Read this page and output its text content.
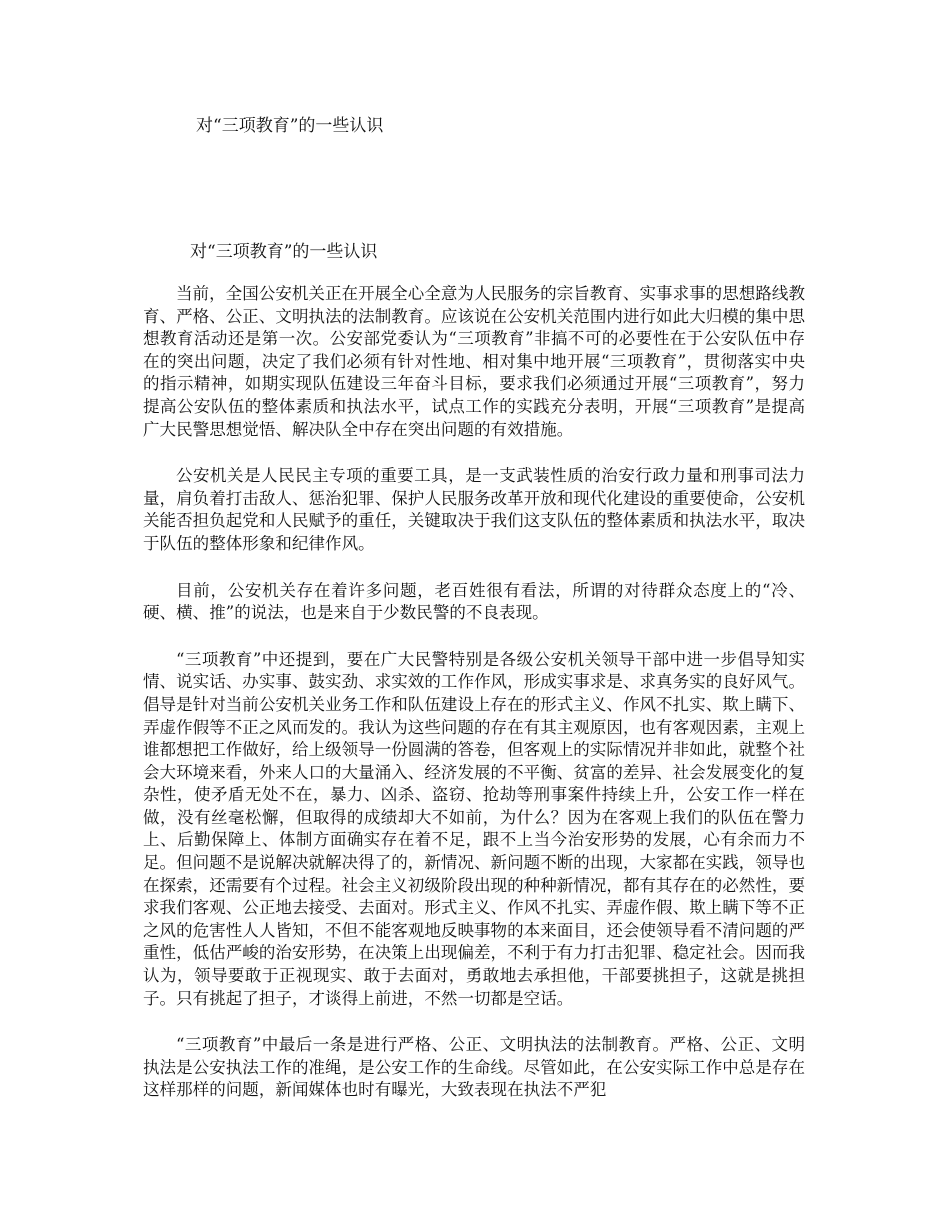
对“三项教育”的一些认识
对“三项教育”的一些认识

当前，全国公安机关正在开展全心全意为人民服务的宗旨教育、实事求事的思想路线教育、严格、公正、文明执法的法制教育。应该说在公安机关范围内进行如此大归模的集中思想教育活动还是第一次。公安部党委认为“三项教育”非搞不可的必要性在于公安队伍中存在的突出问题，决定了我们必须有针对性地、相对集中地开展“三项教育”，贯彻落实中央的指示精神，如期实现队伍建设三年奋斗目标，要求我们必须通过开展“三项教育”，努力提高公安队伍的整体素质和执法水平，试点工作的实践充分表明，开展“三项教育”是提高广大民警思想觉悟、解决队全中存在突出问题的有效措施。

公安机关是人民民主专项的重要工具，是一支武装性质的治安行政力量和刑事司法力量，肩负着打击敌人、惩治犯罪、保护人民服务改革开放和现代化建设的重要使命，公安机关能否担负起党和人民赋予的重任，关键取决于我们这支队伍的整体素质和执法水平，取决于队伍的整体形象和纪律作风。

目前，公安机关存在着许多问题，老百姓很有看法，所谓的对待群众态度上的“冷、硬、横、推”的说法，也是来自于少数民警的不良表现。

“三项教育”中还提到，要在广大民警特别是各级公安机关领导干部中进一步倡导知实情、说实话、办实事、鼓实劲、求实效的工作作风，形成实事求是、求真务实的良好风气。倡导是针对当前公安机关业务工作和队伍建设上存在的形式主义、作风不扎实、欺上瞒下、弄虚作假等不正之风而发的。我认为这些问题的存在有其主观原因，也有客观因素，主观上谁都想把工作做好，给上级领导一份圆满的答卷，但客观上的实际情况并非如此，就整个社会大环境来看，外来人口的大量涌入、经济发展的不平衡、贫富的差异、社会发展变化的复杂性，使矛盾无处不在，暴力、凶杀、盗窃、抢劫等刑事案件持续上升，公安工作一样在做，没有丝毫松懈，但取得的成绩却大不如前，为什么？因为在客观上我们的队伍在警力上、后勤保障上、体制方面确实存在着不足，跟不上当今治安形势的发展，心有余而力不足。但问题不是说解决就解决得了的，新情况、新问题不断的出现，大家都在实践，领导也在探索，还需要有个过程。社会主义初级阶段出现的种种新情况，都有其存在的必然性，要求我们客观、公正地去接受、去面对。形式主义、作风不扎实、弄虚作假、欺上瞒下等不正之风的危害性人人皆知，不但不能客观地反映事物的本来面目，还会使领导看不清问题的严重性，低估严峻的治安形势，在决策上出现偏差，不利于有力打击犯罪、稳定社会。因而我认为，领导要敢于正视现实、敢于去面对，勇敢地去承担他，干部要挑担子，这就是挑担子。只有挑起了担子，才谈得上前进，不然一切都是空话。

“三项教育”中最后一条是进行严格、公正、文明执法的法制教育。严格、公正、文明执法是公安执法工作的准绳，是公安工作的生命线。尽管如此，在公安实际工作中总是存在这样那样的问题，新闻媒体也时有曝光，大致表现在执法不严犯
